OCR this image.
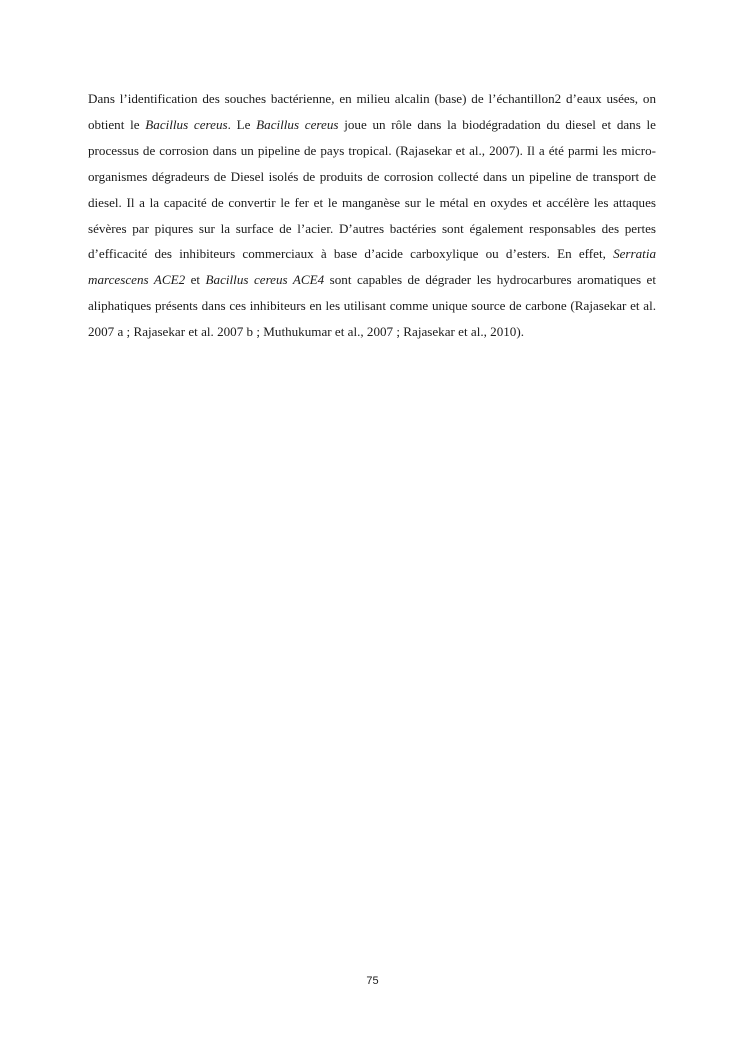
Dans l’identification des souches bactérienne, en milieu alcalin (base) de l’échantillon2 d’eaux usées, on obtient le Bacillus cereus. Le Bacillus cereus joue un rôle dans la biodégradation du diesel et dans le processus de corrosion dans un pipeline de pays tropical. (Rajasekar et al., 2007). Il a été parmi les micro-organismes dégradeurs de Diesel isolés de produits de corrosion collecté dans un pipeline de transport de diesel. Il a la capacité de convertir le fer et le manganèse sur le métal en oxydes et accélère les attaques sévères par piqures sur la surface de l’acier. D’autres bactéries sont également responsables des pertes d’efficacité des inhibiteurs commerciaux à base d’acide carboxylique ou d’esters. En effet, Serratia marcescens ACE2 et Bacillus cereus ACE4 sont capables de dégrader les hydrocarbures aromatiques et aliphatiques présents dans ces inhibiteurs en les utilisant comme unique source de carbone (Rajasekar et al. 2007 a ; Rajasekar et al. 2007 b ; Muthukumar et al., 2007 ; Rajasekar et al., 2010).

75
